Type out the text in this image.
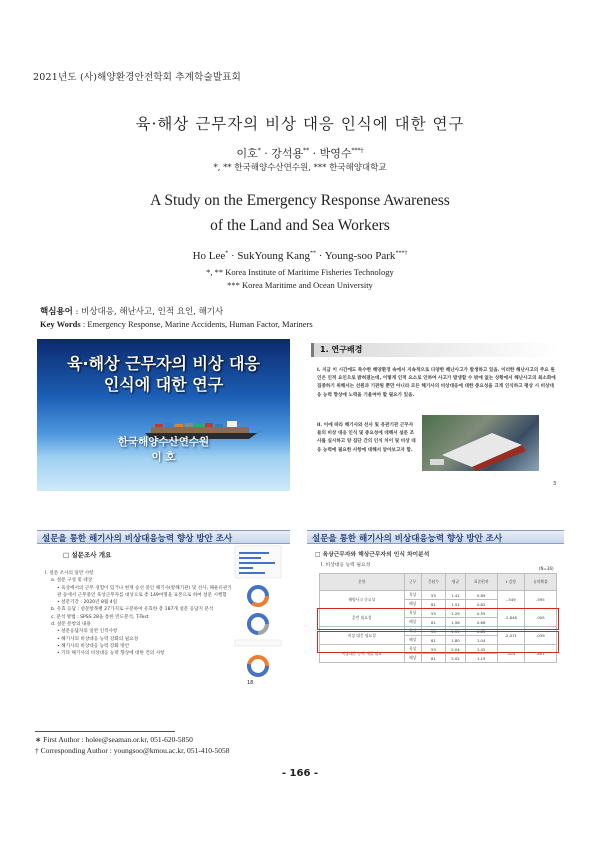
2021년도 (사)해양환경안전학회 추계학술발표회
육·해상 근무자의 비상 대응 인식에 대한 연구
이호* · 강석용** · 박영수***†
*, ** 한국해양수산연수원, *** 한국해양대학교
A Study on the Emergency Response Awareness
of the Land and Sea Workers
Ho Lee* · SukYoung Kang** · Young-soo Park***†
*, ** Korea Institute of Maritime Fisheries Technology
*** Korea Maritime and Ocean University
핵심용어 : 비상대응, 해난사고, 인적 요인, 해기사
Key Words : Emergency Response, Marine Accidents, Human Factor, Mariners
육·해상 근무자의 비상 대응
인식에 대한 연구
한국해양수산연수원
이 호
1. 연구배경
I. 지금 이 시간에도 특수한 해양환경 속에서 지속적으로 다양한 해난사고가 발생하고 있음. 이러한 해난사고의 주요 원인은 인적 요인으로 밝혀졌는데, 이렇게 인적 요소로 인하여 사고가 발생할 수 밖에 없는 상황에서 해난사고의 최소화에 집중하기 위해서는 선원과 기관원 뿐만 아니라 모든 해기사의 비상대응에 대한 중요성을 크게 인식하고 평상 시 비상대응 능력 향상에 노력을 기울여야 할 필요가 있음.
II. 이에 따라 해기사와 선사 및 유관기관 근무자들의 비상 대응 인식 및 중요성에 대해서 설문 조사를 실시하고 양 집단 간의 인식 차이 및 비상 대응 능력에 필요한 사항에 대해서 알아보고자 함.
3
설문을 통한 해기사의 비상대응능력 향상 방안 조사
□ 설문조사 개요
I. 설문 조사의 일반 사항
a. 설문 구성 및 대상
• 육상에서의 근무 경험이 있거나 현재 승선 중인 해기사(항해기관) 및 선사, 해운유관기관 등에서 근무중인 육상근무자를 대상으로 총 149여명을 표본으로 하여 설문 시행함
• 설문기간 : 2020년 8월 4일
b. 유효 응답 : 설문항목별 27가지로 구분하여 유효한 총 187개 설문 응답지 분석
c. 분석 방법 : SPSS 28을 통한 빈도분석, T-Test
d. 설문 문항의 내용
• 설문응답자의 일반 인적사항
• 해기사의 비상대응 능력 강화의 필요성
• 해기사의 비상대응 능력 강화 방안
• 기타 해기사의 비상대응 능력 향상에 대한 건의 사항
18
설문을 통한 해기사의 비상대응능력 향상 방안 조사
□ 육상근무자와 해상근무자의 인식 차이분석
I. 비상대응 능력 필요성
(N=36)
문항	근무	응답수	평균	표준편차	t 검정	유의확률
해양사고 중요성	육상	55	1.41	0.89	-.549	.595
	해상	81	1.51	0.82		
훈련 필요성	육상	55	1.29	0.55	-2.848	.005
	해상	81	1.56	0.66		
비상 대응 필요성	육상	55	1.51	0.85	-2.071	.039
	해상	81	1.80	1.04		
비상대응 능력 개발 필요	육상	55	2.04	1.42	.104	.801
	해상	81	2.02	1.19		
∗ First Author : holee@seaman.or.kr, 051-620-5850
† Corresponding Author : youngsoo@kmou.ac.kr, 051-410-5058
- 166 -
